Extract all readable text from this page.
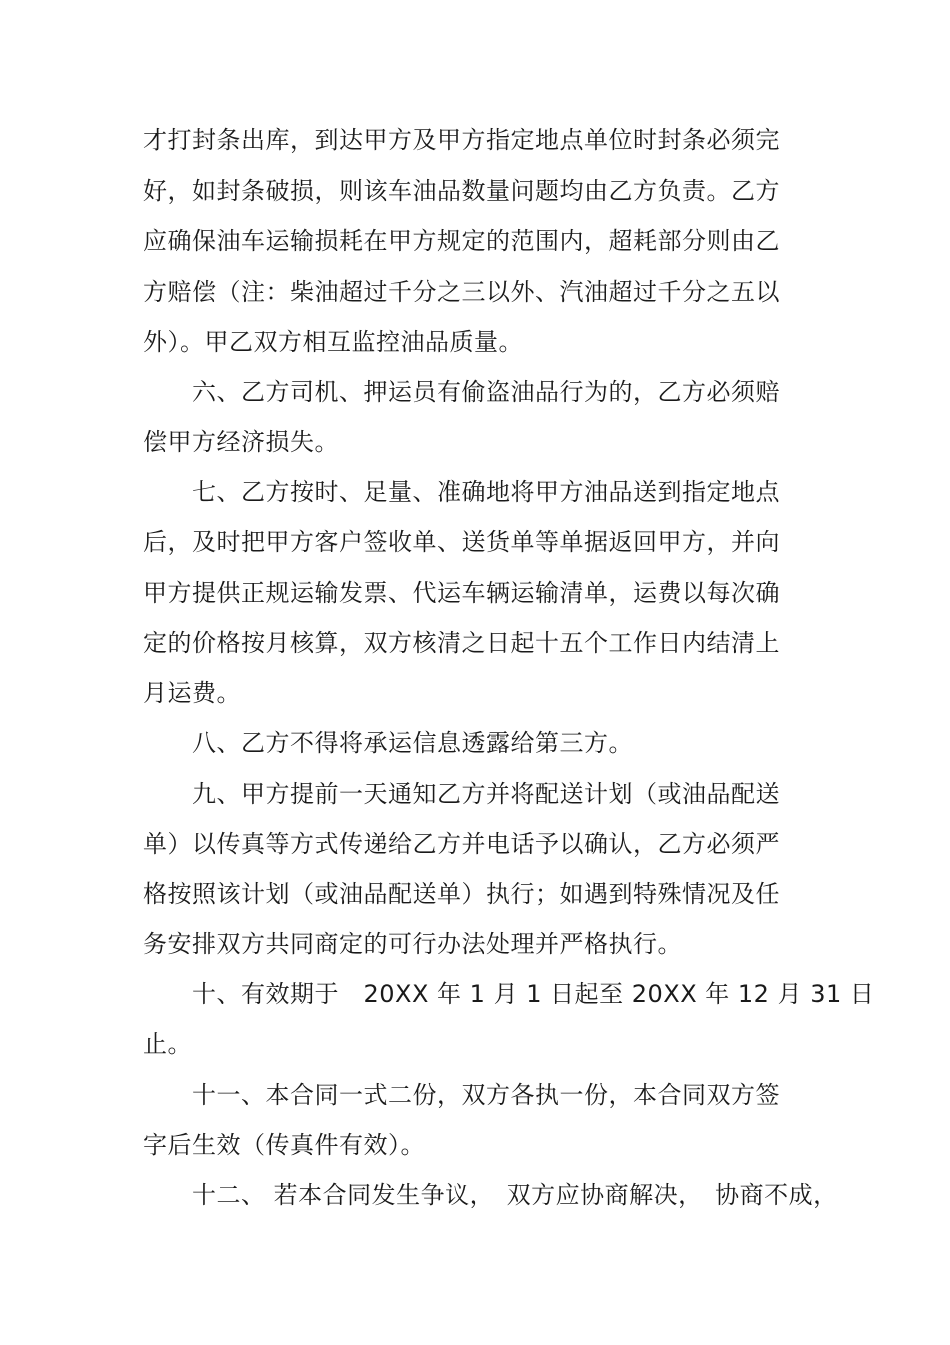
才打封条出库，到达甲方及甲方指定地点单位时封条必须完
好，如封条破损，则该车油品数量问题均由乙方负责。乙方
应确保油车运输损耗在甲方规定的范围内，超耗部分则由乙
方赔偿（注：柴油超过千分之三以外、汽油超过千分之五以
外）。甲乙双方相互监控油品质量。
六、乙方司机、押运员有偷盗油品行为的，乙方必须赔
偿甲方经济损失。
七、乙方按时、足量、准确地将甲方油品送到指定地点
后，及时把甲方客户签收单、送货单等单据返回甲方，并向
甲方提供正规运输发票、代运车辆运输清单，运费以每次确
定的价格按月核算，双方核清之日起十五个工作日内结清上
月运费。
八、乙方不得将承运信息透露给第三方。
九、甲方提前一天通知乙方并将配送计划（或油品配送
单）以传真等方式传递给乙方并电话予以确认，乙方必须严
格按照该计划（或油品配送单）执行；如遇到特殊情况及任
务安排双方共同商定的可行办法处理并严格执行。
十、有效期于　20XX 年 1 月 1 日起至 20XX 年 12 月 31 日
止。
十一、本合同一式二份，双方各执一份，本合同双方签
字后生效（传真件有效）。
十二、 若本合同发生争议，　双方应协商解决，　协商不成，
